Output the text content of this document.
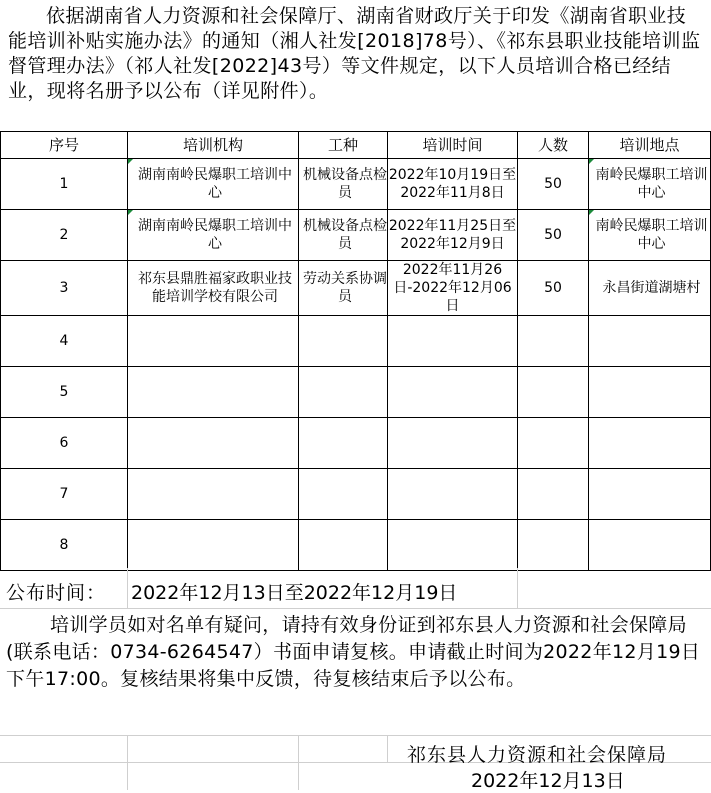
依据湖南省人力资源和社会保障厅、湖南省财政厅关于印发《湖南省职业技能培训补贴实施办法》的通知（湘人社发[2018]78号）、《祁东县职业技能培训监督管理办法》（祁人社发[2022]43号）等文件规定，以下人员培训合格已经结业，现将名册予以公布（详见附件）。
序号	培训机构	工种	培训时间	人数	培训地点
1	湖南南岭民爆职工培训中心	机械设备点检员	2022年10月19日至2022年11月8日	50	南岭民爆职工培训中心
2	湖南南岭民爆职工培训中心	机械设备点检员	2022年11月25日至2022年12月9日	50	南岭民爆职工培训中心
3	祁东县鼎胜福家政职业技能培训学校有限公司	劳动关系协调员	2022年11月26日-2022年12月06日	50	永昌街道湖塘村
4					
5					
6					
7					
8					
公布时间： 2022年12月13日至2022年12月19日
培训学员如对名单有疑问，请持有效身份证到祁东县人力资源和社会保障局(联系电话：0734-6264547）书面申请复核。申请截止时间为2022年12月19日下午17:00。复核结果将集中反馈，待复核结束后予以公布。
祁东县人力资源和社会保障局
2022年12月13日
